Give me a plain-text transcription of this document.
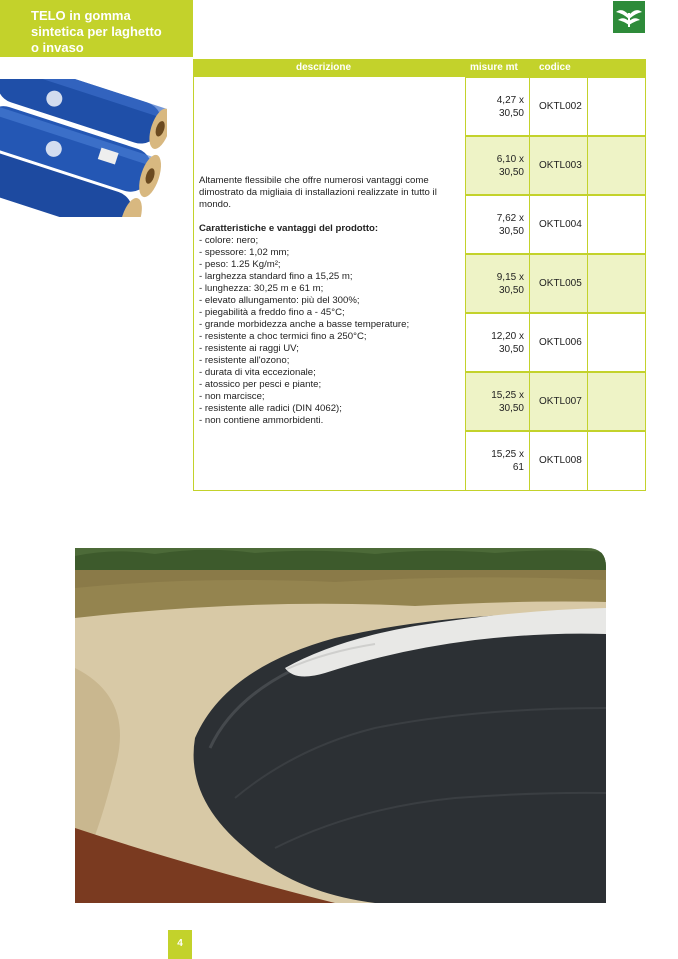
TELO in gomma
sintetica per laghetto
o invaso
descrizione	misure mt codice
Altamente flessibile che offre numerosi vantaggi come dimostrato da migliaia di installazioni realizzate in tutto il mondo.
Caratteristiche e vantaggi del prodotto:
- colore: nero;
- spessore: 1,02 mm;
- peso: 1.25 Kg/m²;
- larghezza standard fino a 15,25 m;
- lunghezza: 30,25 m e 61 m;
- elevato allungamento: più del 300%;
- piegabilità a freddo fino a - 45°C;
- grande morbidezza anche a basse temperature;
- resistente a choc termici fino a 250°C;
- resistente ai raggi UV;
- resistente all'ozono;
- durata di vita eccezionale;
- atossico per pesci e piante;
- non marcisce;
- resistente alle radici (DIN 4062);
- non contiene ammorbidenti.
4,27 x
30,50
OKTL002
6,10 x
30,50
OKTL003
7,62 x
30,50
OKTL004
9,15 x
30,50
OKTL005
12,20 x
30,50
OKTL006
15,25 x
30,50
OKTL007
15,25 x
61
OKTL008
4
